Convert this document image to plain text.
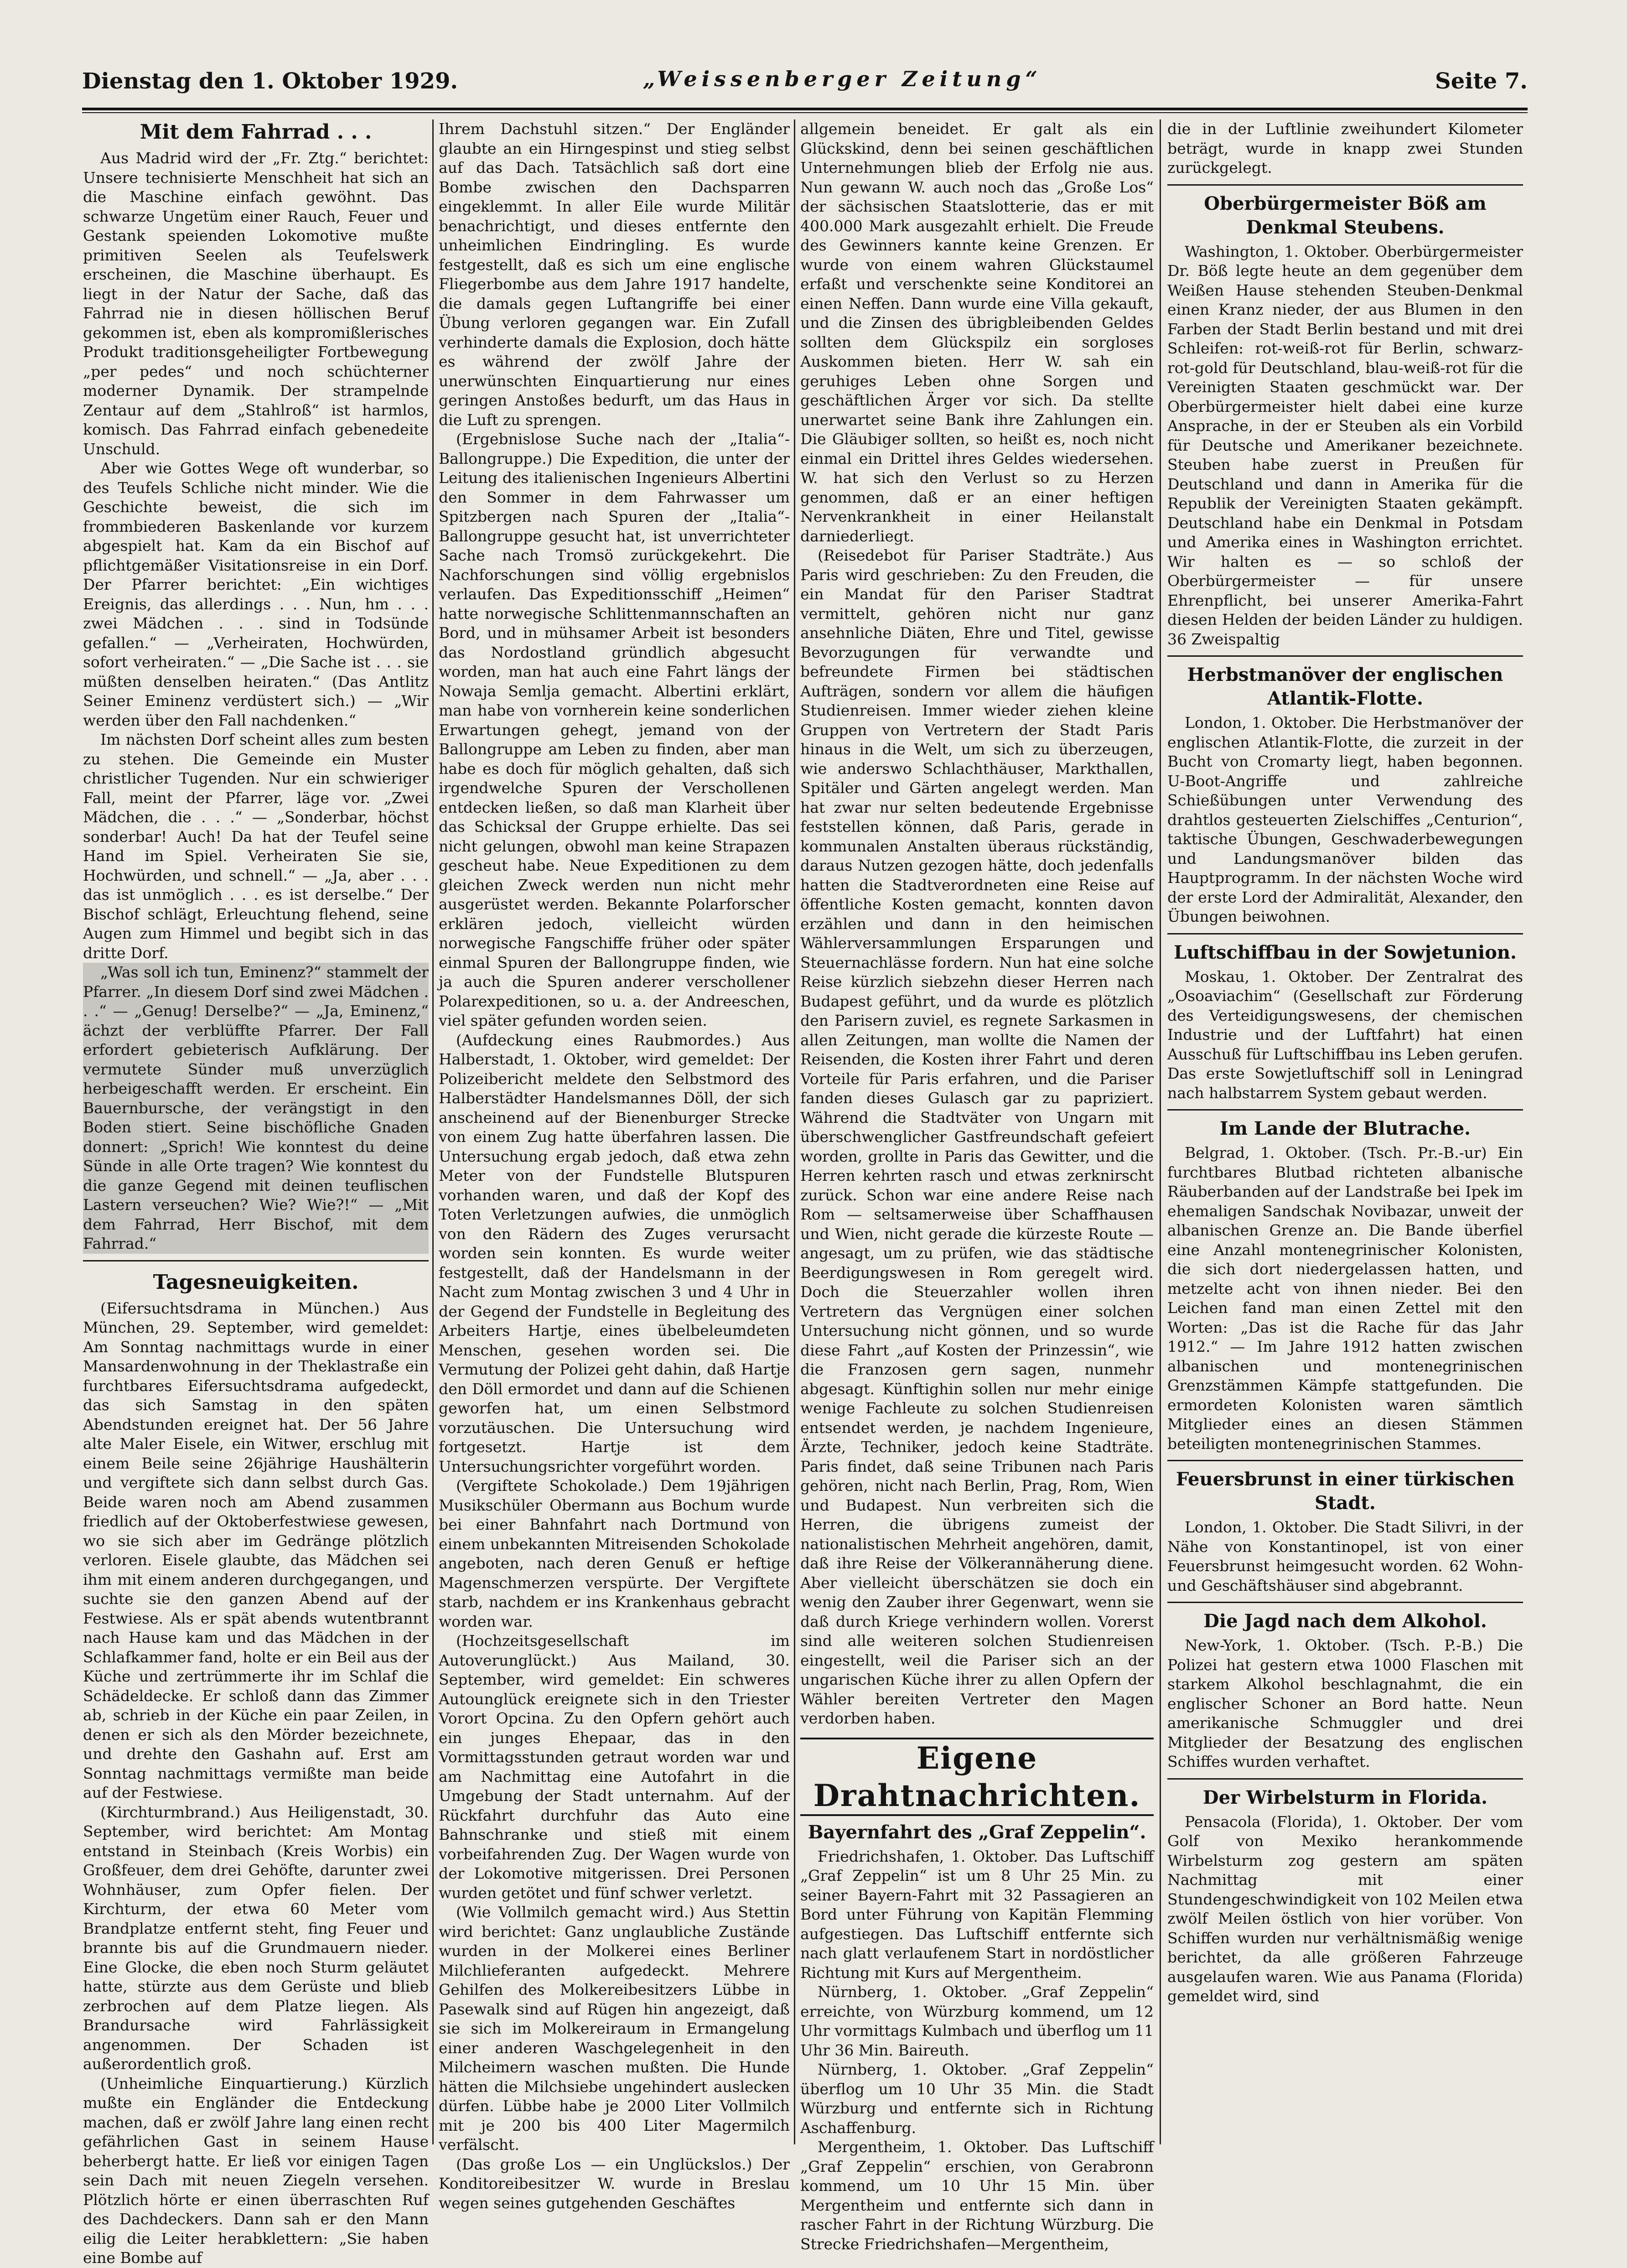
Dienstag den 1. Oktober 1929.	„Weissenberger Zeitung“	Seite 7.
Mit dem Fahrrad . . .

Aus Madrid wird der „Fr. Ztg.“ berichtet: Unsere technisierte Menschheit hat sich an die Maschine einfach gewöhnt. Das schwarze Ungetüm einer Rauch, Feuer und Gestank speienden Lokomotive mußte primitiven Seelen als Teufelswerk erscheinen, die Maschine überhaupt. Es liegt in der Natur der Sache, daß das Fahrrad nie in diesen höllischen Beruf gekommen ist, eben als kompromißlerisches Produkt traditionsgeheiligter Fortbewegung „per pedes“ und noch schüchterner moderner Dynamik. Der strampelnde Zentaur auf dem „Stahlroß“ ist harmlos, komisch. Das Fahrrad einfach gebenedeite Unschuld.

Aber wie Gottes Wege oft wunderbar, so des Teufels Schliche nicht minder. Wie die Geschichte beweist, die sich im frommbiederen Baskenlande vor kurzem abgespielt hat. Kam da ein Bischof auf pflichtgemäßer Visitationsreise in ein Dorf. Der Pfarrer berichtet: „Ein wichtiges Ereignis, das allerdings . . . Nun, hm . . . zwei Mädchen . . . sind in Todsünde gefallen.“ — „Verheiraten, Hochwürden, sofort verheiraten.“ — „Die Sache ist . . . sie müßten denselben heiraten.“ (Das Antlitz Seiner Eminenz verdüstert sich.) — „Wir werden über den Fall nachdenken.“

Im nächsten Dorf scheint alles zum besten zu stehen. Die Gemeinde ein Muster christlicher Tugenden. Nur ein schwieriger Fall, meint der Pfarrer, läge vor. „Zwei Mädchen, die . . .“ — „Sonderbar, höchst sonderbar! Auch! Da hat der Teufel seine Hand im Spiel. Verheiraten Sie sie, Hochwürden, und schnell.“ — „Ja, aber . . . das ist unmöglich . . . es ist derselbe.“ Der Bischof schlägt, Erleuchtung flehend, seine Augen zum Himmel und begibt sich in das dritte Dorf.

„Was soll ich tun, Eminenz?“ stammelt der Pfarrer. „In diesem Dorf sind zwei Mädchen . . .“ — „Genug! Derselbe?“ — „Ja, Eminenz,“ ächzt der verblüffte Pfarrer. Der Fall erfordert gebieterisch Aufklärung. Der vermutete Sünder muß unverzüglich herbeigeschafft werden. Er erscheint. Ein Bauernbursche, der verängstigt in den Boden stiert. Seine bischöfliche Gnaden donnert: „Sprich! Wie konntest du deine Sünde in alle Orte tragen? Wie konntest du die ganze Gegend mit deinen teuflischen Lastern verseuchen? Wie? Wie?!“ — „Mit dem Fahrrad, Herr Bischof, mit dem Fahrrad.“

Tagesneuigkeiten.

(Eifersuchtsdrama in München.) Aus München, 29. September, wird gemeldet: Am Sonntag nachmittags wurde in einer Mansardenwohnung in der Theklastraße ein furchtbares Eifersuchtsdrama aufgedeckt, das sich Samstag in den späten Abendstunden ereignet hat. Der 56 Jahre alte Maler Eisele, ein Witwer, erschlug mit einem Beile seine 26jährige Haushälterin und vergiftete sich dann selbst durch Gas. Beide waren noch am Abend zusammen friedlich auf der Oktoberfestwiese gewesen, wo sie sich aber im Gedränge plötzlich verloren. Eisele glaubte, das Mädchen sei ihm mit einem anderen durchgegangen, und suchte sie den ganzen Abend auf der Festwiese. Als er spät abends wutentbrannt nach Hause kam und das Mädchen in der Schlafkammer fand, holte er ein Beil aus der Küche und zertrümmerte ihr im Schlaf die Schädeldecke. Er schloß dann das Zimmer ab, schrieb in der Küche ein paar Zeilen, in denen er sich als den Mörder bezeichnete, und drehte den Gashahn auf. Erst am Sonntag nachmittags vermißte man beide auf der Festwiese.

(Kirchturmbrand.) Aus Heiligenstadt, 30. September, wird berichtet: Am Montag entstand in Steinbach (Kreis Worbis) ein Großfeuer, dem drei Gehöfte, darunter zwei Wohnhäuser, zum Opfer fielen. Der Kirchturm, der etwa 60 Meter vom Brandplatze entfernt steht, fing Feuer und brannte bis auf die Grundmauern nieder. Eine Glocke, die eben noch Sturm geläutet hatte, stürzte aus dem Gerüste und blieb zerbrochen auf dem Platze liegen. Als Brandursache wird Fahrlässigkeit angenommen. Der Schaden ist außerordentlich groß.

(Unheimliche Einquartierung.) Kürzlich mußte ein Engländer die Entdeckung machen, daß er zwölf Jahre lang einen recht gefährlichen Gast in seinem Hause beherbergt hatte. Er ließ vor einigen Tagen sein Dach mit neuen Ziegeln versehen. Plötzlich hörte er einen überraschten Ruf des Dachdeckers. Dann sah er den Mann eilig die Leiter herabklettern: „Sie haben eine Bombe auf

Ihrem Dachstuhl sitzen.“ Der Engländer glaubte an ein Hirngespinst und stieg selbst auf das Dach. Tatsächlich saß dort eine Bombe zwischen den Dachsparren eingeklemmt. In aller Eile wurde Militär benachrichtigt, und dieses entfernte den unheimlichen Eindringling. Es wurde festgestellt, daß es sich um eine englische Fliegerbombe aus dem Jahre 1917 handelte, die damals gegen Luftangriffe bei einer Übung verloren gegangen war. Ein Zufall verhinderte damals die Explosion, doch hätte es während der zwölf Jahre der unerwünschten Einquartierung nur eines geringen Anstoßes bedurft, um das Haus in die Luft zu sprengen.

(Ergebnislose Suche nach der „Italia“-Ballongruppe.) Die Expedition, die unter der Leitung des italienischen Ingenieurs Albertini den Sommer in dem Fahrwasser um Spitzbergen nach Spuren der „Italia“-Ballongruppe gesucht hat, ist unverrichteter Sache nach Tromsö zurückgekehrt. Die Nachforschungen sind völlig ergebnislos verlaufen. Das Expeditionsschiff „Heimen“ hatte norwegische Schlittenmannschaften an Bord, und in mühsamer Arbeit ist besonders das Nordostland gründlich abgesucht worden, man hat auch eine Fahrt längs der Nowaja Semlja gemacht. Albertini erklärt, man habe von vornherein keine sonderlichen Erwartungen gehegt, jemand von der Ballongruppe am Leben zu finden, aber man habe es doch für möglich gehalten, daß sich irgendwelche Spuren der Verschollenen entdecken ließen, so daß man Klarheit über das Schicksal der Gruppe erhielte. Das sei nicht gelungen, obwohl man keine Strapazen gescheut habe. Neue Expeditionen zu dem gleichen Zweck werden nun nicht mehr ausgerüstet werden. Bekannte Polarforscher erklären jedoch, vielleicht würden norwegische Fangschiffe früher oder später einmal Spuren der Ballongruppe finden, wie ja auch die Spuren anderer verschollener Polarexpeditionen, so u. a. der Andreeschen, viel später gefunden worden seien.

(Aufdeckung eines Raubmordes.) Aus Halberstadt, 1. Oktober, wird gemeldet: Der Polizeibericht meldete den Selbstmord des Halberstädter Handelsmannes Döll, der sich anscheinend auf der Bienenburger Strecke von einem Zug hatte überfahren lassen. Die Untersuchung ergab jedoch, daß etwa zehn Meter von der Fundstelle Blutspuren vorhanden waren, und daß der Kopf des Toten Verletzungen aufwies, die unmöglich von den Rädern des Zuges verursacht worden sein konnten. Es wurde weiter festgestellt, daß der Handelsmann in der Nacht zum Montag zwischen 3 und 4 Uhr in der Gegend der Fundstelle in Begleitung des Arbeiters Hartje, eines übelbeleumdeten Menschen, gesehen worden sei. Die Vermutung der Polizei geht dahin, daß Hartje den Döll ermordet und dann auf die Schienen geworfen hat, um einen Selbstmord vorzutäuschen. Die Untersuchung wird fortgesetzt. Hartje ist dem Untersuchungsrichter vorgeführt worden.

(Vergiftete Schokolade.) Dem 19jährigen Musikschüler Obermann aus Bochum wurde bei einer Bahnfahrt nach Dortmund von einem unbekannten Mitreisenden Schokolade angeboten, nach deren Genuß er heftige Magenschmerzen verspürte. Der Vergiftete starb, nachdem er ins Krankenhaus gebracht worden war.

(Hochzeitsgesellschaft im Autoverunglückt.) Aus Mailand, 30. September, wird gemeldet: Ein schweres Autounglück ereignete sich in den Triester Vorort Opcina. Zu den Opfern gehört auch ein junges Ehepaar, das in den Vormittagsstunden getraut worden war und am Nachmittag eine Autofahrt in die Umgebung der Stadt unternahm. Auf der Rückfahrt durchfuhr das Auto eine Bahnschranke und stieß mit einem vorbeifahrenden Zug. Der Wagen wurde von der Lokomotive mitgerissen. Drei Personen wurden getötet und fünf schwer verletzt.

(Wie Vollmilch gemacht wird.) Aus Stettin wird berichtet: Ganz unglaubliche Zustände wurden in der Molkerei eines Berliner Milchlieferanten aufgedeckt. Mehrere Gehilfen des Molkereibesitzers Lübbe in Pasewalk sind auf Rügen hin angezeigt, daß sie sich im Molkereiraum in Ermangelung einer anderen Waschgelegenheit in den Milcheimern waschen mußten. Die Hunde hätten die Milchsiebe ungehindert auslecken dürfen. Lübbe habe je 2000 Liter Vollmilch mit je 200 bis 400 Liter Magermilch verfälscht.

(Das große Los — ein Unglückslos.) Der Konditoreibesitzer W. wurde in Breslau wegen seines gutgehenden Geschäftes

allgemein beneidet. Er galt als ein Glückskind, denn bei seinen geschäftlichen Unternehmungen blieb der Erfolg nie aus. Nun gewann W. auch noch das „Große Los“ der sächsischen Staatslotterie, das er mit 400.000 Mark ausgezahlt erhielt. Die Freude des Gewinners kannte keine Grenzen. Er wurde von einem wahren Glückstaumel erfaßt und verschenkte seine Konditorei an einen Neffen. Dann wurde eine Villa gekauft, und die Zinsen des übrigbleibenden Geldes sollten dem Glückspilz ein sorgloses Auskommen bieten. Herr W. sah ein geruhiges Leben ohne Sorgen und geschäftlichen Ärger vor sich. Da stellte unerwartet seine Bank ihre Zahlungen ein. Die Gläubiger sollten, so heißt es, noch nicht einmal ein Drittel ihres Geldes wiedersehen. W. hat sich den Verlust so zu Herzen genommen, daß er an einer heftigen Nervenkrankheit in einer Heilanstalt darniederliegt.

(Reisedebot für Pariser Stadträte.) Aus Paris wird geschrieben: Zu den Freuden, die ein Mandat für den Pariser Stadtrat vermittelt, gehören nicht nur ganz ansehnliche Diäten, Ehre und Titel, gewisse Bevorzugungen für verwandte und befreundete Firmen bei städtischen Aufträgen, sondern vor allem die häufigen Studienreisen. Immer wieder ziehen kleine Gruppen von Vertretern der Stadt Paris hinaus in die Welt, um sich zu überzeugen, wie anderswo Schlachthäuser, Markthallen, Spitäler und Gärten angelegt werden. Man hat zwar nur selten bedeutende Ergebnisse feststellen können, daß Paris, gerade in kommunalen Anstalten überaus rückständig, daraus Nutzen gezogen hätte, doch jedenfalls hatten die Stadtverordneten eine Reise auf öffentliche Kosten gemacht, konnten davon erzählen und dann in den heimischen Wählerversammlungen Ersparungen und Steuernachlässe fordern. Nun hat eine solche Reise kürzlich siebzehn dieser Herren nach Budapest geführt, und da wurde es plötzlich den Parisern zuviel, es regnete Sarkasmen in allen Zeitungen, man wollte die Namen der Reisenden, die Kosten ihrer Fahrt und deren Vorteile für Paris erfahren, und die Pariser fanden dieses Gulasch gar zu papriziert. Während die Stadtväter von Ungarn mit überschwenglicher Gastfreundschaft gefeiert worden, grollte in Paris das Gewitter, und die Herren kehrten rasch und etwas zerknirscht zurück. Schon war eine andere Reise nach Rom — seltsamerweise über Schaffhausen und Wien, nicht gerade die kürzeste Route — angesagt, um zu prüfen, wie das städtische Beerdigungswesen in Rom geregelt wird. Doch die Steuerzahler wollen ihren Vertretern das Vergnügen einer solchen Untersuchung nicht gönnen, und so wurde diese Fahrt „auf Kosten der Prinzessin“, wie die Franzosen gern sagen, nunmehr abgesagt. Künftighin sollen nur mehr einige wenige Fachleute zu solchen Studienreisen entsendet werden, je nachdem Ingenieure, Ärzte, Techniker, jedoch keine Stadträte. Paris findet, daß seine Tribunen nach Paris gehören, nicht nach Berlin, Prag, Rom, Wien und Budapest. Nun verbreiten sich die Herren, die übrigens zumeist der nationalistischen Mehrheit angehören, damit, daß ihre Reise der Völkerannäherung diene. Aber vielleicht überschätzen sie doch ein wenig den Zauber ihrer Gegenwart, wenn sie daß durch Kriege verhindern wollen. Vorerst sind alle weiteren solchen Studienreisen eingestellt, weil die Pariser sich an der ungarischen Küche ihrer zu allen Opfern der Wähler bereiten Vertreter den Magen verdorben haben.

Eigene Drahtnachrichten.
Bayernfahrt des „Graf Zeppelin“.

Friedrichshafen, 1. Oktober. Das Luftschiff „Graf Zeppelin“ ist um 8 Uhr 25 Min. zu seiner Bayern-Fahrt mit 32 Passagieren an Bord unter Führung von Kapitän Flemming aufgestiegen. Das Luftschiff entfernte sich nach glatt verlaufenem Start in nordöstlicher Richtung mit Kurs auf Mergentheim.

Nürnberg, 1. Oktober. „Graf Zeppelin“ erreichte, von Würzburg kommend, um 12 Uhr vormittags Kulmbach und überflog um 11 Uhr 36 Min. Baireuth.

Nürnberg, 1. Oktober. „Graf Zeppelin“ überflog um 10 Uhr 35 Min. die Stadt Würzburg und entfernte sich in Richtung Aschaffenburg.

Mergentheim, 1. Oktober. Das Luftschiff „Graf Zeppelin“ erschien, von Gerabronn kommend, um 10 Uhr 15 Min. über Mergentheim und entfernte sich dann in rascher Fahrt in der Richtung Würzburg. Die Strecke Friedrichshafen—Mergentheim,

die in der Luftlinie zweihundert Kilometer beträgt, wurde in knapp zwei Stunden zurückgelegt.

Oberbürgermeister Böß am Denkmal Steubens.

Washington, 1. Oktober. Oberbürgermeister Dr. Böß legte heute an dem gegenüber dem Weißen Hause stehenden Steuben-Denkmal einen Kranz nieder, der aus Blumen in den Farben der Stadt Berlin bestand und mit drei Schleifen: rot-weiß-rot für Berlin, schwarz-rot-gold für Deutschland, blau-weiß-rot für die Vereinigten Staaten geschmückt war. Der Oberbürgermeister hielt dabei eine kurze Ansprache, in der er Steuben als ein Vorbild für Deutsche und Amerikaner bezeichnete. Steuben habe zuerst in Preußen für Deutschland und dann in Amerika für die Republik der Vereinigten Staaten gekämpft. Deutschland habe ein Denkmal in Potsdam und Amerika eines in Washington errichtet. Wir halten es — so schloß der Oberbürgermeister — für unsere Ehrenpflicht, bei unserer Amerika-Fahrt diesen Helden der beiden Länder zu huldigen. 36 Zweispaltig

Herbstmanöver der englischen Atlantik-Flotte.

London, 1. Oktober. Die Herbstmanöver der englischen Atlantik-Flotte, die zurzeit in der Bucht von Cromarty liegt, haben begonnen. U-Boot-Angriffe und zahlreiche Schießübungen unter Verwendung des drahtlos gesteuerten Zielschiffes „Centurion“, taktische Übungen, Geschwaderbewegungen und Landungsmanöver bilden das Hauptprogramm. In der nächsten Woche wird der erste Lord der Admiralität, Alexander, den Übungen beiwohnen.

Luftschiffbau in der Sowjetunion.

Moskau, 1. Oktober. Der Zentralrat des „Osoaviachim“ (Gesellschaft zur Förderung des Verteidigungswesens, der chemischen Industrie und der Luftfahrt) hat einen Ausschuß für Luftschiffbau ins Leben gerufen. Das erste Sowjetluftschiff soll in Leningrad nach halbstarrem System gebaut werden.

Im Lande der Blutrache.

Belgrad, 1. Oktober. (Tsch. Pr.-B.-ur) Ein furchtbares Blutbad richteten albanische Räuberbanden auf der Landstraße bei Ipek im ehemaligen Sandschak Novibazar, unweit der albanischen Grenze an. Die Bande überfiel eine Anzahl montenegrinischer Kolonisten, die sich dort niedergelassen hatten, und metzelte acht von ihnen nieder. Bei den Leichen fand man einen Zettel mit den Worten: „Das ist die Rache für das Jahr 1912.“ — Im Jahre 1912 hatten zwischen albanischen und montenegrinischen Grenzstämmen Kämpfe stattgefunden. Die ermordeten Kolonisten waren sämtlich Mitglieder eines an diesen Stämmen beteiligten montenegrinischen Stammes.

Feuersbrunst in einer türkischen Stadt.

London, 1. Oktober. Die Stadt Silivri, in der Nähe von Konstantinopel, ist von einer Feuersbrunst heimgesucht worden. 62 Wohn- und Geschäftshäuser sind abgebrannt.

Die Jagd nach dem Alkohol.

New-York, 1. Oktober. (Tsch. P.-B.) Die Polizei hat gestern etwa 1000 Flaschen mit starkem Alkohol beschlagnahmt, die ein englischer Schoner an Bord hatte. Neun amerikanische Schmuggler und drei Mitglieder der Besatzung des englischen Schiffes wurden verhaftet.

Der Wirbelsturm in Florida.

Pensacola (Florida), 1. Oktober. Der vom Golf von Mexiko herankommende Wirbelsturm zog gestern am späten Nachmittag mit einer Stundengeschwindigkeit von 102 Meilen etwa zwölf Meilen östlich von hier vorüber. Von Schiffen wurden nur verhältnismäßig wenige berichtet, da alle größeren Fahrzeuge ausgelaufen waren. Wie aus Panama (Florida) gemeldet wird, sind
